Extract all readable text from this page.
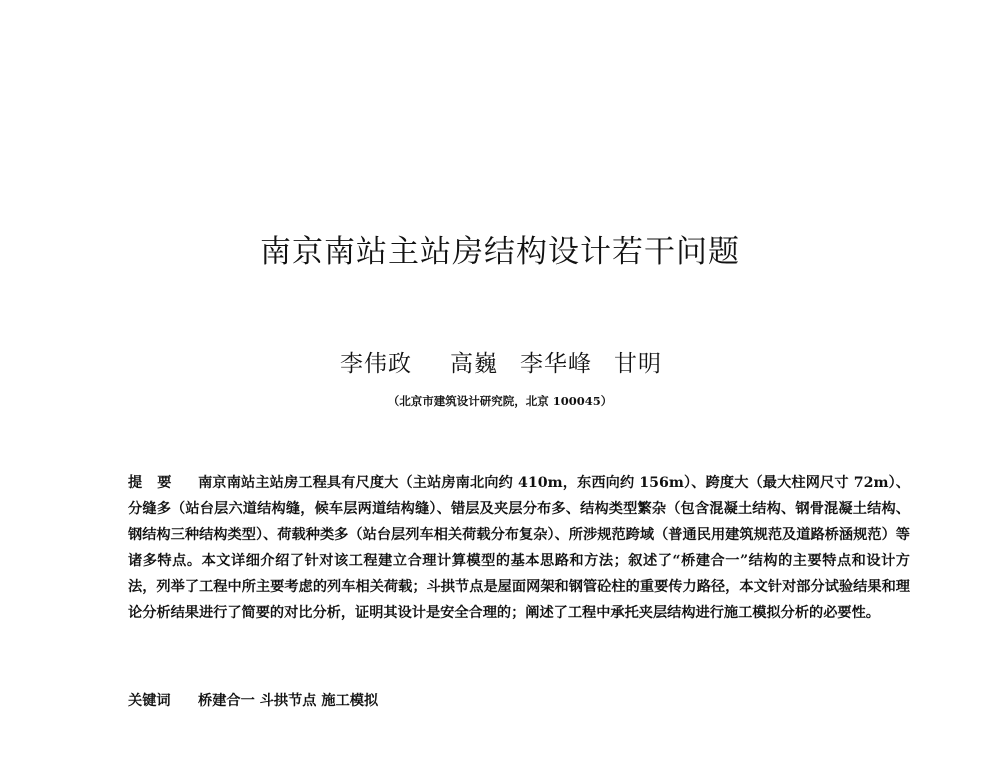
南京南站主站房结构设计若干问题
李伟政 高巍 李华峰 甘明
（北京市建筑设计研究院，北京 100045）

提要 南京南站主站房工程具有尺度大（主站房南北向约 410m，东西向约 156m）、跨度大（最大柱网尺寸 72m）、分缝多（站台层六道结构缝，候车层两道结构缝）、错层及夹层分布多、结构类型繁杂（包含混凝土结构、钢骨混凝土结构、钢结构三种结构类型）、荷载种类多（站台层列车相关荷载分布复杂）、所涉规范跨域（普通民用建筑规范及道路桥涵规范）等诸多特点。本文详细介绍了针对该工程建立合理计算模型的基本思路和方法；叙述了“桥建合一”结构的主要特点和设计方法，列举了工程中所主要考虑的列车相关荷载；斗拱节点是屋面网架和钢管砼柱的重要传力路径，本文针对部分试验结果和理论分析结果进行了简要的对比分析，证明其设计是安全合理的；阐述了工程中承托夹层结构进行施工模拟分析的必要性。

关键词 桥建合一 斗拱节点 施工模拟
